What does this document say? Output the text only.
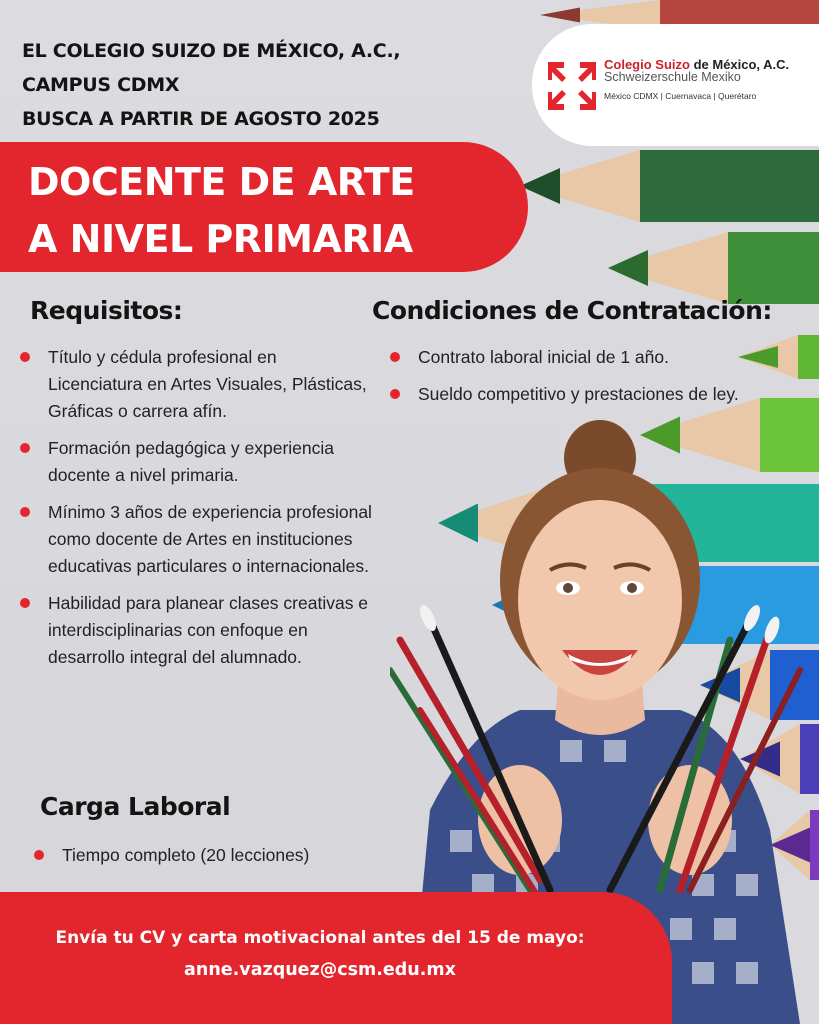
EL COLEGIO SUIZO DE MÉXICO, A.C.,
CAMPUS CDMX
BUSCA A PARTIR DE AGOSTO 2025
Colegio Suizo de México, A.C.
Schweizerschule Mexiko
México CDMX | Cuernavaca | Querétaro
DOCENTE DE ARTE
A NIVEL PRIMARIA
Requisitos:
Título y cédula profesional en Licenciatura en Artes Visuales, Plásticas, Gráficas o carrera afín.
Formación pedagógica y experiencia docente a nivel primaria.
Mínimo 3 años de experiencia profesional como docente de Artes en instituciones educativas particulares o internacionales.
Habilidad para planear clases creativas e interdisciplinarias con enfoque en desarrollo integral del alumnado.
Condiciones de Contratación:
Contrato laboral inicial de 1 año.
Sueldo competitivo y prestaciones de ley.
Carga Laboral
Tiempo completo (20 lecciones)
Envía tu CV y carta motivacional antes del 15 de mayo:
anne.vazquez@csm.edu.mx
